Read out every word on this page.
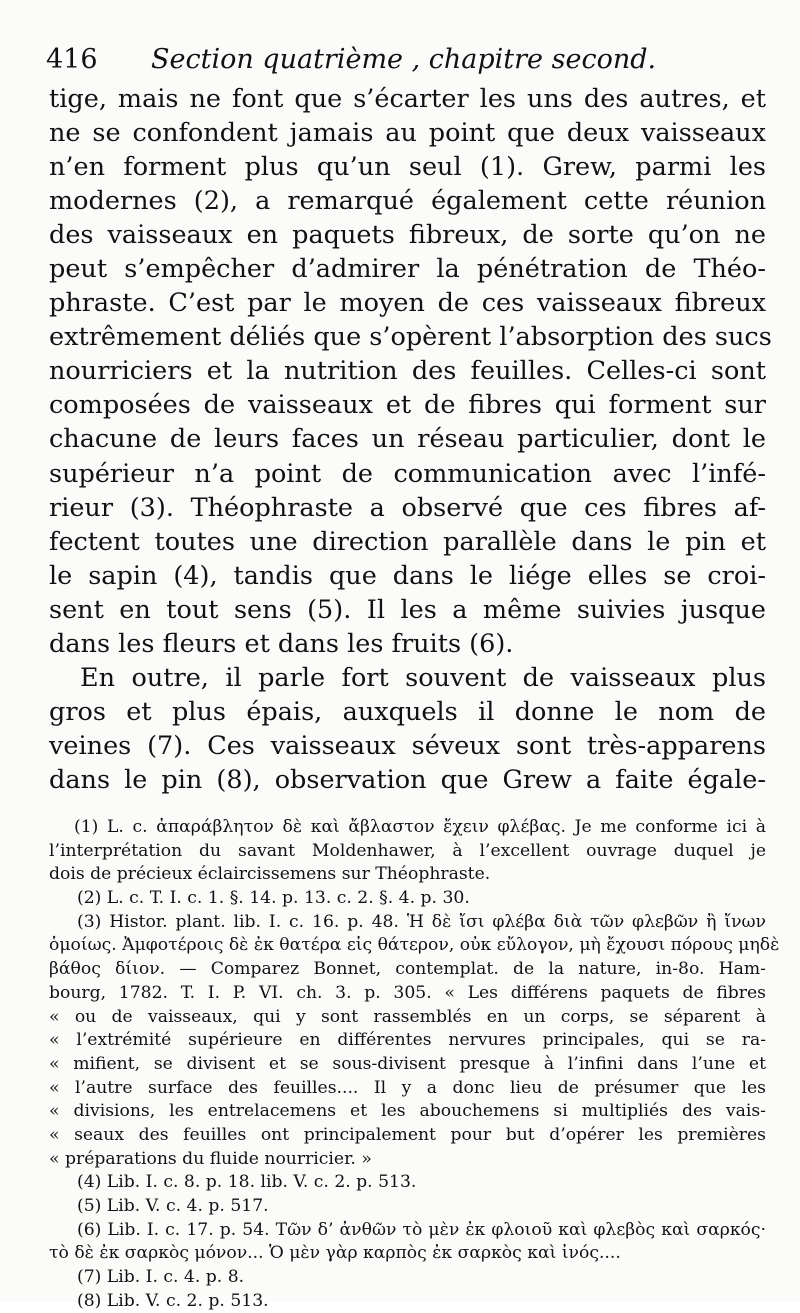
416 Section quatrième , chapitre second.
tige, mais ne font que s’écarter les uns des autres, et
ne se confondent jamais au point que deux vaisseaux
n’en forment plus qu’un seul (1). Grew, parmi les
modernes (2), a remarqué également cette réunion
des vaisseaux en paquets fibreux, de sorte qu’on ne
peut s’empêcher d’admirer la pénétration de Théo-
phraste. C’est par le moyen de ces vaisseaux fibreux
extrêmement déliés que s’opèrent l’absorption des sucs
nourriciers et la nutrition des feuilles. Celles-ci sont
composées de vaisseaux et de fibres qui forment sur
chacune de leurs faces un réseau particulier, dont le
supérieur n’a point de communication avec l’infé-
rieur (3). Théophraste a observé que ces fibres af-
fectent toutes une direction parallèle dans le pin et
le sapin (4), tandis que dans le liége elles se croi-
sent en tout sens (5). Il les a même suivies jusque
dans les fleurs et dans les fruits (6).
En outre, il parle fort souvent de vaisseaux plus
gros et plus épais, auxquels il donne le nom de
veines (7). Ces vaisseaux séveux sont très-apparens
dans le pin (8), observation que Grew a faite égale-
(1) L. c. ἀπαράβλητον δὲ καὶ ἄβλαστον ἔχειν φλέβας. Je me conforme ici à
l’interprétation du savant Moldenhawer, à l’excellent ouvrage duquel je
dois de précieux éclaircissemens sur Théophraste.
(2) L. c. T. I. c. 1. §. 14. p. 13. c. 2. §. 4. p. 30.
(3) Histor. plant. lib. I. c. 16. p. 48. Ἡ δὲ ἴσι φλέβα διὰ τῶν φλεβῶν ἢ ἴνων
ὁμοίως. Ἀμφοτέροις δὲ ἐκ θατέρα εἰς θάτερον, οὐκ εὔλογον, μὴ ἔχουσι πόρους μηδὲ
βάθος δίιον. — Comparez Bonnet, contemplat. de la nature, in-8o. Ham-
bourg, 1782. T. I. P. VI. ch. 3. p. 305. « Les différens paquets de fibres
« ou de vaisseaux, qui y sont rassemblés en un corps, se séparent à
« l’extrémité supérieure en différentes nervures principales, qui se ra-
« mifient, se divisent et se sous-divisent presque à l’infini dans l’une et
« l’autre surface des feuilles.... Il y a donc lieu de présumer que les
« divisions, les entrelacemens et les abouchemens si multipliés des vais-
« seaux des feuilles ont principalement pour but d’opérer les premières
« préparations du fluide nourricier. »
(4) Lib. I. c. 8. p. 18. lib. V. c. 2. p. 513.
(5) Lib. V. c. 4. p. 517.
(6) Lib. I. c. 17. p. 54. Τῶν δ’ ἀνθῶν τὸ μὲν ἐκ φλοιοῦ καὶ φλεβὸς καὶ σαρκός·
τὸ δὲ ἐκ σαρκὸς μόνον... Ὁ μὲν γὰρ καρπὸς ἐκ σαρκὸς καὶ ἰνός....
(7) Lib. I. c. 4. p. 8.
(8) Lib. V. c. 2. p. 513.
